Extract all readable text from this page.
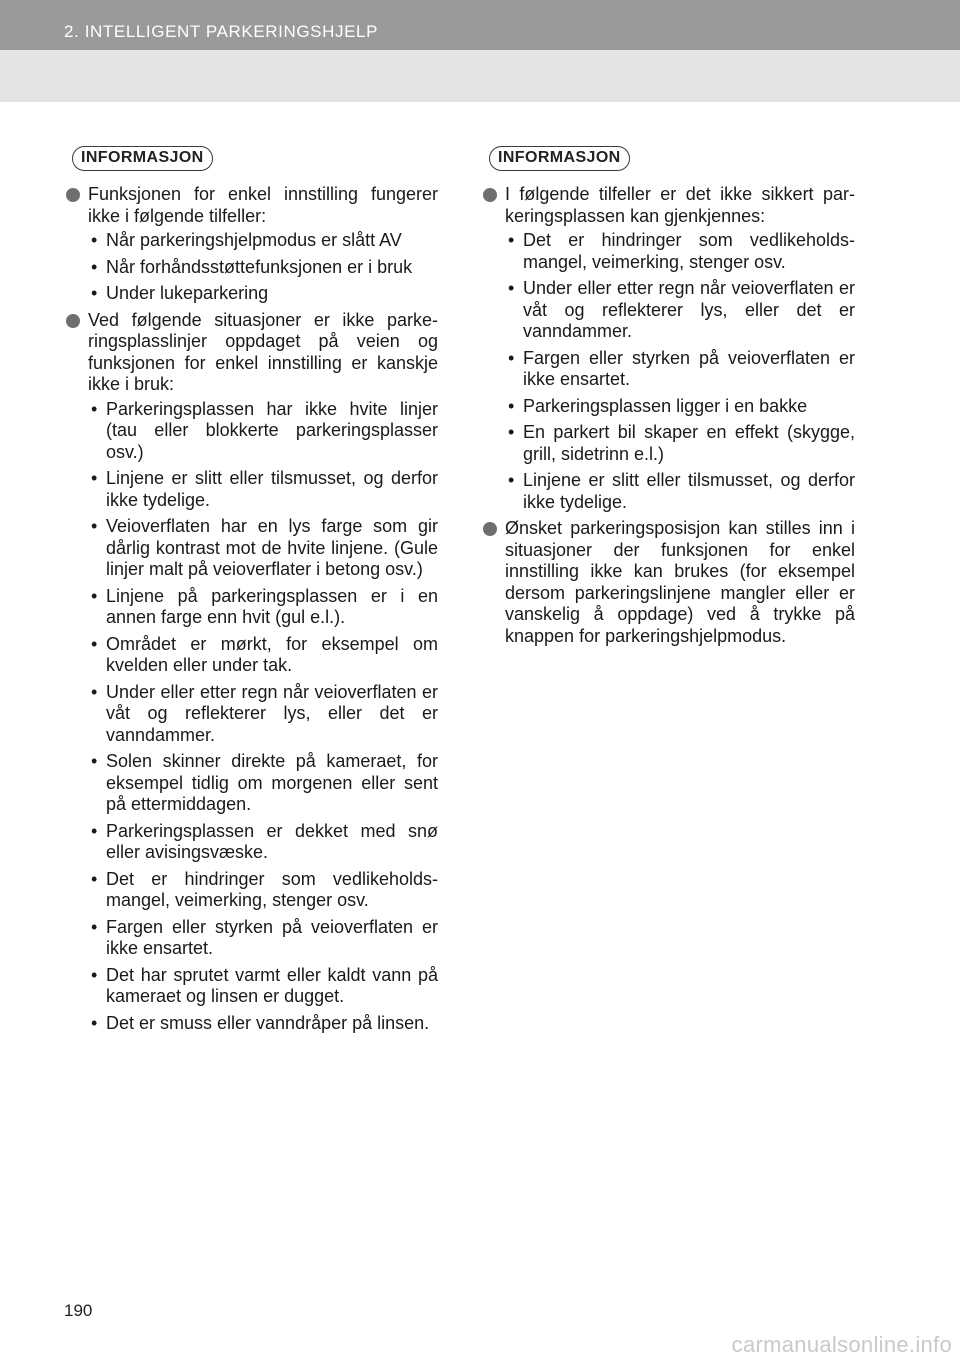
2. INTELLIGENT PARKERINGSHJELP
INFORMASJON
Funksjonen for enkel innstilling fungerer ikke i følgende tilfeller:
• Når parkeringshjelpmodus er slått AV
• Når forhåndsstøttefunksjonen er i bruk
• Under lukeparkering
Ved følgende situasjoner er ikke parkeringsplasslinjer oppdaget på veien og funksjonen for enkel innstilling er kanskje ikke i bruk:
• Parkeringsplassen har ikke hvite linjer (tau eller blokkerte parkeringsplasser osv.)
• Linjene er slitt eller tilsmusset, og derfor ikke tydelige.
• Veioverflaten har en lys farge som gir dårlig kontrast mot de hvite linjene. (Gule linjer malt på veioverflater i betong osv.)
• Linjene på parkeringsplassen er i en annen farge enn hvit (gul e.l.).
• Området er mørkt, for eksempel om kvelden eller under tak.
• Under eller etter regn når veioverflaten er våt og reflekterer lys, eller det er vanndammer.
• Solen skinner direkte på kameraet, for eksempel tidlig om morgenen eller sent på ettermiddagen.
• Parkeringsplassen er dekket med snø eller avisingsvæske.
• Det er hindringer som vedlikeholdsmangel, veimerking, stenger osv.
• Fargen eller styrken på veioverflaten er ikke ensartet.
• Det har sprutet varmt eller kaldt vann på kameraet og linsen er dugget.
• Det er smuss eller vanndråper på linsen.
INFORMASJON
I følgende tilfeller er det ikke sikkert parkeringsplassen kan gjenkjennes:
• Det er hindringer som vedlikeholdsmangel, veimerking, stenger osv.
• Under eller etter regn når veioverflaten er våt og reflekterer lys, eller det er vanndammer.
• Fargen eller styrken på veioverflaten er ikke ensartet.
• Parkeringsplassen ligger i en bakke
• En parkert bil skaper en effekt (skygge, grill, sidetrinn e.l.)
• Linjene er slitt eller tilsmusset, og derfor ikke tydelige.
Ønsket parkeringsposisjon kan stilles inn i situasjoner der funksjonen for enkel innstilling ikke kan brukes (for eksempel dersom parkeringslinjene mangler eller er vanskelig å oppdage) ved å trykke på knappen for parkeringshjelpmodus.
190
carmanualsonline.info
